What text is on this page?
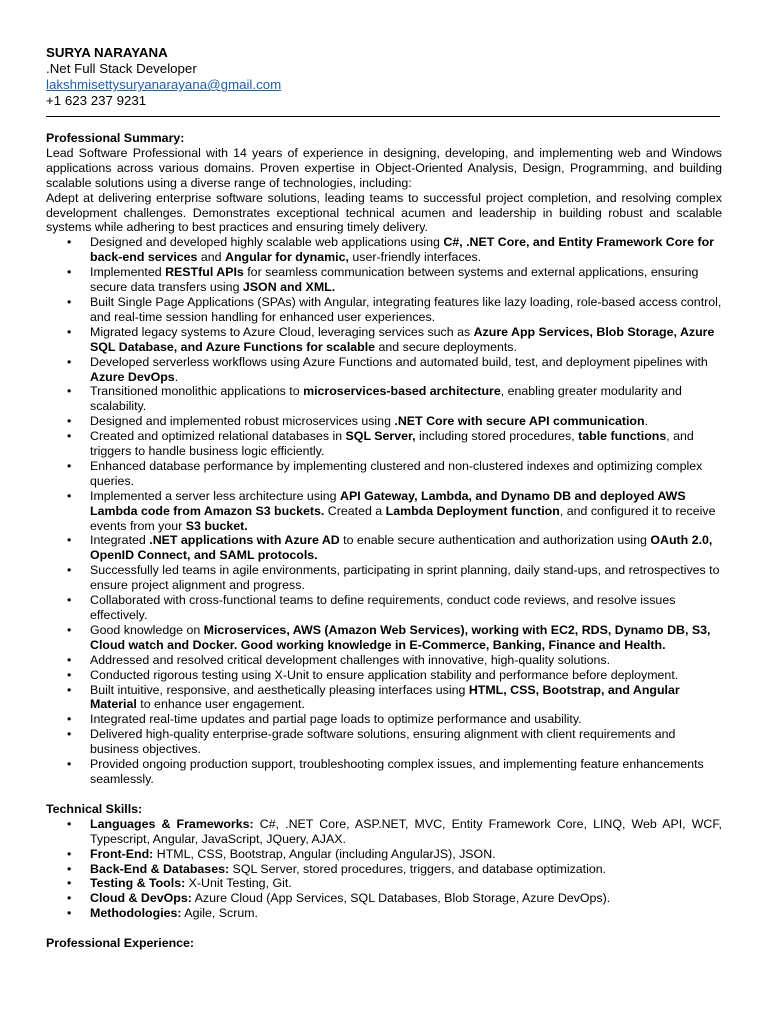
SURYA NARAYANA
.Net Full Stack Developer
lakshmisettysuryanarayana@gmail.com
+1 623 237 9231
Professional Summary:
Lead Software Professional with 14 years of experience in designing, developing, and implementing web and Windows applications across various domains. Proven expertise in Object-Oriented Analysis, Design, Programming, and building scalable solutions using a diverse range of technologies, including:
Adept at delivering enterprise software solutions, leading teams to successful project completion, and resolving complex development challenges. Demonstrates exceptional technical acumen and leadership in building robust and scalable systems while adhering to best practices and ensuring timely delivery.
• Designed and developed highly scalable web applications using C#, .NET Core, and Entity Framework Core for back-end services and Angular for dynamic, user-friendly interfaces.
• Implemented RESTful APIs for seamless communication between systems and external applications, ensuring secure data transfers using JSON and XML.
• Built Single Page Applications (SPAs) with Angular, integrating features like lazy loading, role-based access control, and real-time session handling for enhanced user experiences.
• Migrated legacy systems to Azure Cloud, leveraging services such as Azure App Services, Blob Storage, Azure SQL Database, and Azure Functions for scalable and secure deployments.
• Developed serverless workflows using Azure Functions and automated build, test, and deployment pipelines with Azure DevOps.
• Transitioned monolithic applications to microservices-based architecture, enabling greater modularity and scalability.
• Designed and implemented robust microservices using .NET Core with secure API communication.
• Created and optimized relational databases in SQL Server, including stored procedures, table functions, and triggers to handle business logic efficiently.
• Enhanced database performance by implementing clustered and non-clustered indexes and optimizing complex queries.
• Implemented a server less architecture using API Gateway, Lambda, and Dynamo DB and deployed AWS Lambda code from Amazon S3 buckets. Created a Lambda Deployment function, and configured it to receive events from your S3 bucket.
• Integrated .NET applications with Azure AD to enable secure authentication and authorization using OAuth 2.0, OpenID Connect, and SAML protocols.
• Successfully led teams in agile environments, participating in sprint planning, daily stand-ups, and retrospectives to ensure project alignment and progress.
• Collaborated with cross-functional teams to define requirements, conduct code reviews, and resolve issues effectively.
• Good knowledge on Microservices, AWS (Amazon Web Services), working with EC2, RDS, Dynamo DB, S3, Cloud watch and Docker. Good working knowledge in E-Commerce, Banking, Finance and Health.
• Addressed and resolved critical development challenges with innovative, high-quality solutions.
• Conducted rigorous testing using X-Unit to ensure application stability and performance before deployment.
• Built intuitive, responsive, and aesthetically pleasing interfaces using HTML, CSS, Bootstrap, and Angular Material to enhance user engagement.
• Integrated real-time updates and partial page loads to optimize performance and usability.
• Delivered high-quality enterprise-grade software solutions, ensuring alignment with client requirements and business objectives.
• Provided ongoing production support, troubleshooting complex issues, and implementing feature enhancements seamlessly.
Technical Skills:
• Languages & Frameworks: C#, .NET Core, ASP.NET, MVC, Entity Framework Core, LINQ, Web API, WCF, Typescript, Angular, JavaScript, JQuery, AJAX.
• Front-End: HTML, CSS, Bootstrap, Angular (including AngularJS), JSON.
• Back-End & Databases: SQL Server, stored procedures, triggers, and database optimization.
• Testing & Tools: X-Unit Testing, Git.
• Cloud & DevOps: Azure Cloud (App Services, SQL Databases, Blob Storage, Azure DevOps).
• Methodologies: Agile, Scrum.
Professional Experience:
